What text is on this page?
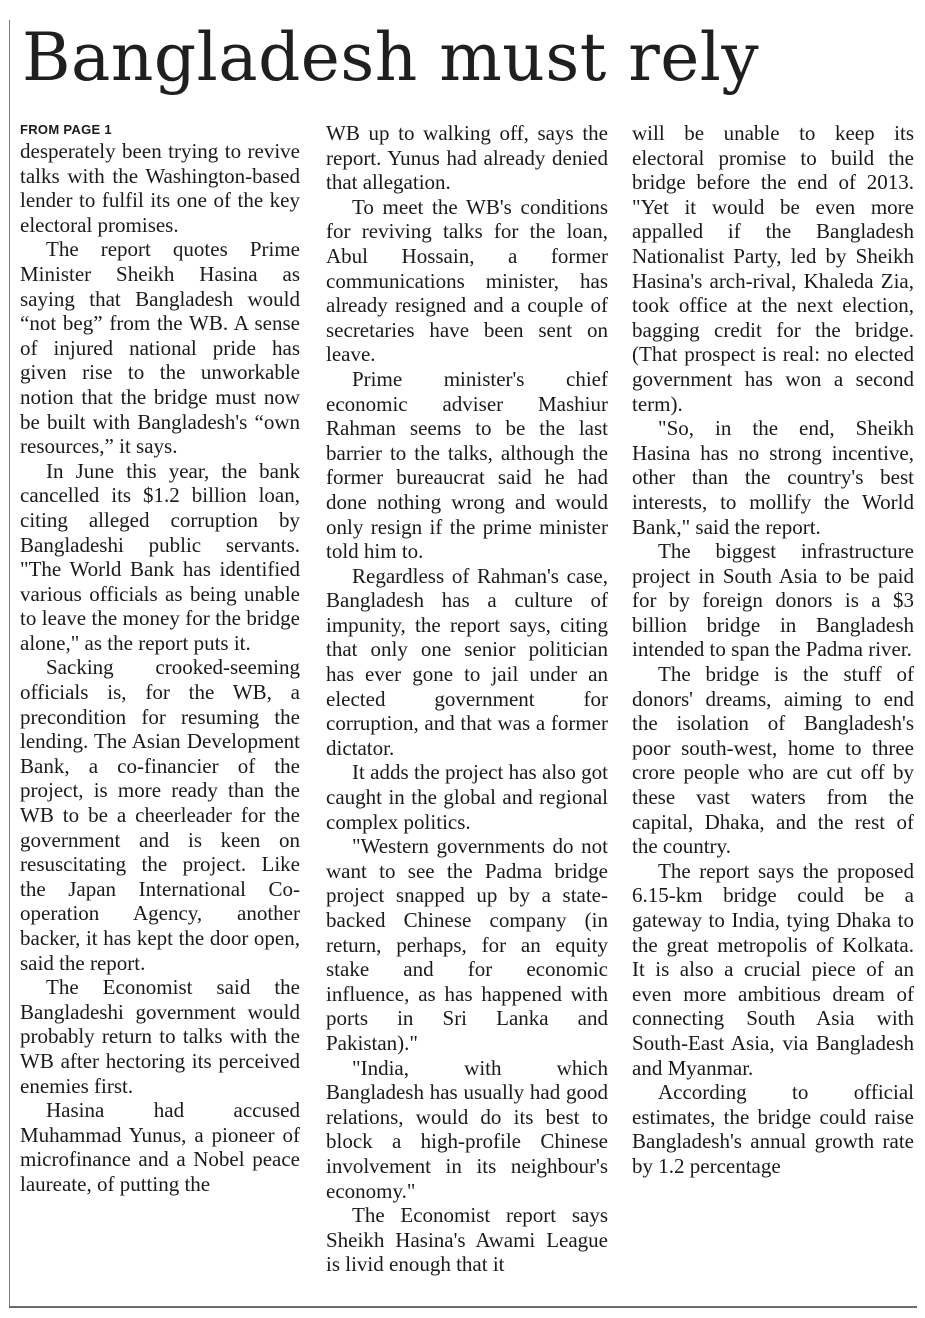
Bangladesh must rely

FROM PAGE 1

desperately been trying to revive talks with the Washington-based lender to fulfil its one of the key electoral promises.

The report quotes Prime Minister Sheikh Hasina as saying that Bangladesh would “not beg” from the WB. A sense of injured national pride has given rise to the unworkable notion that the bridge must now be built with Bangladesh's “own resources,” it says.

In June this year, the bank cancelled its $1.2 billion loan, citing alleged corruption by Bangladeshi public servants. "The World Bank has identified various officials as being unable to leave the money for the bridge alone," as the report puts it.

Sacking crooked-seeming officials is, for the WB, a precondition for resuming the lending. The Asian Development Bank, a co-financier of the project, is more ready than the WB to be a cheerleader for the government and is keen on resuscitating the project. Like the Japan International Co-operation Agency, another backer, it has kept the door open, said the report.

The Economist said the Bangladeshi government would probably return to talks with the WB after hectoring its perceived enemies first.

Hasina had accused Muhammad Yunus, a pioneer of microfinance and a Nobel peace laureate, of putting the

WB up to walking off, says the report. Yunus had already denied that allegation.

To meet the WB's conditions for reviving talks for the loan, Abul Hossain, a former communications minister, has already resigned and a couple of secretaries have been sent on leave.

Prime minister's chief economic adviser Mashiur Rahman seems to be the last barrier to the talks, although the former bureaucrat said he had done nothing wrong and would only resign if the prime minister told him to.

Regardless of Rahman's case, Bangladesh has a culture of impunity, the report says, citing that only one senior politician has ever gone to jail under an elected government for corruption, and that was a former dictator.

It adds the project has also got caught in the global and regional complex politics.

"Western governments do not want to see the Padma bridge project snapped up by a state-backed Chinese company (in return, perhaps, for an equity stake and for economic influence, as has happened with ports in Sri Lanka and Pakistan)."

"India, with which Bangladesh has usually had good relations, would do its best to block a high-profile Chinese involvement in its neighbour's economy."

The Economist report says Sheikh Hasina's Awami League is livid enough that it

will be unable to keep its electoral promise to build the bridge before the end of 2013. "Yet it would be even more appalled if the Bangladesh Nationalist Party, led by Sheikh Hasina's arch-rival, Khaleda Zia, took office at the next election, bagging credit for the bridge. (That prospect is real: no elected government has won a second term).

"So, in the end, Sheikh Hasina has no strong incentive, other than the country's best interests, to mollify the World Bank," said the report.

The biggest infrastructure project in South Asia to be paid for by foreign donors is a $3 billion bridge in Bangladesh intended to span the Padma river.

The bridge is the stuff of donors' dreams, aiming to end the isolation of Bangladesh's poor south-west, home to three crore people who are cut off by these vast waters from the capital, Dhaka, and the rest of the country.

The report says the proposed 6.15-km bridge could be a gateway to India, tying Dhaka to the great metropolis of Kolkata. It is also a crucial piece of an even more ambitious dream of connecting South Asia with South-East Asia, via Bangladesh and Myanmar.

According to official estimates, the bridge could raise Bangladesh's annual growth rate by 1.2 percentage
